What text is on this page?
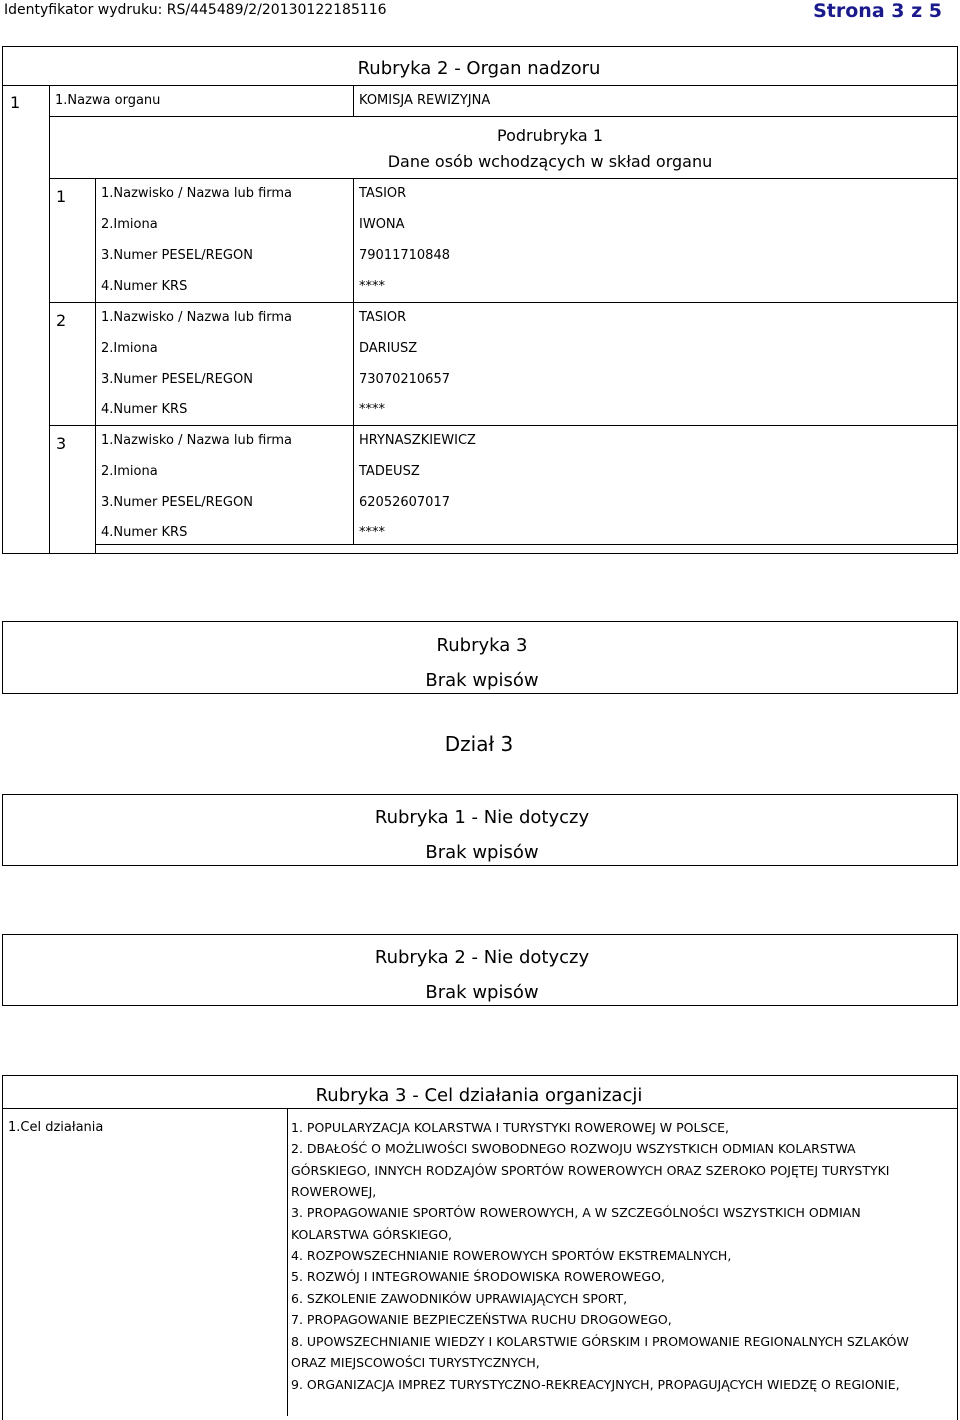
Identyfikator wydruku: RS/445489/2/20130122185116	Strona 3 z 5
Rubryka 2 - Organ nadzoru
1	1.Nazwa organu	KOMISJA REWIZYJNA
Podrubryka 1
Dane osób wchodzących w skład organu
1	1.Nazwisko / Nazwa lub firma	TASIOR
2.Imiona	IWONA
3.Numer PESEL/REGON	79011710848
4.Numer KRS	****
2	1.Nazwisko / Nazwa lub firma	TASIOR
2.Imiona	DARIUSZ
3.Numer PESEL/REGON	73070210657
4.Numer KRS	****
3	1.Nazwisko / Nazwa lub firma	HRYNASZKIEWICZ
2.Imiona	TADEUSZ
3.Numer PESEL/REGON	62052607017
4.Numer KRS	****
Rubryka 3
Brak wpisów
Dział 3
Rubryka 1 - Nie dotyczy
Brak wpisów
Rubryka 2 - Nie dotyczy
Brak wpisów
Rubryka 3 - Cel działania organizacji
1.Cel działania	1. POPULARYZACJA KOLARSTWA I TURYSTYKI ROWEROWEJ W POLSCE,
2. DBAŁOŚĆ O MOŻLIWOŚCI SWOBODNEGO ROZWOJU WSZYSTKICH ODMIAN KOLARSTWA
GÓRSKIEGO, INNYCH RODZAJÓW SPORTÓW ROWEROWYCH ORAZ SZEROKO POJĘTEJ TURYSTYKI
ROWEROWEJ,
3. PROPAGOWANIE SPORTÓW ROWEROWYCH, A W SZCZEGÓLNOŚCI WSZYSTKICH ODMIAN
KOLARSTWA GÓRSKIEGO,
4. ROZPOWSZECHNIANIE ROWEROWYCH SPORTÓW EKSTREMALNYCH,
5. ROZWÓJ I INTEGROWANIE ŚRODOWISKA ROWEROWEGO,
6. SZKOLENIE ZAWODNIKÓW UPRAWIAJĄCYCH SPORT,
7. PROPAGOWANIE BEZPIECZEŃSTWA RUCHU DROGOWEGO,
8. UPOWSZECHNIANIE WIEDZY I KOLARSTWIE GÓRSKIM I PROMOWANIE REGIONALNYCH SZLAKÓW
ORAZ MIEJSCOWOŚCI TURYSTYCZNYCH,
9. ORGANIZACJA IMPREZ TURYSTYCZNO-REKREACYJNYCH, PROPAGUJĄCYCH WIEDZĘ O REGIONIE,
